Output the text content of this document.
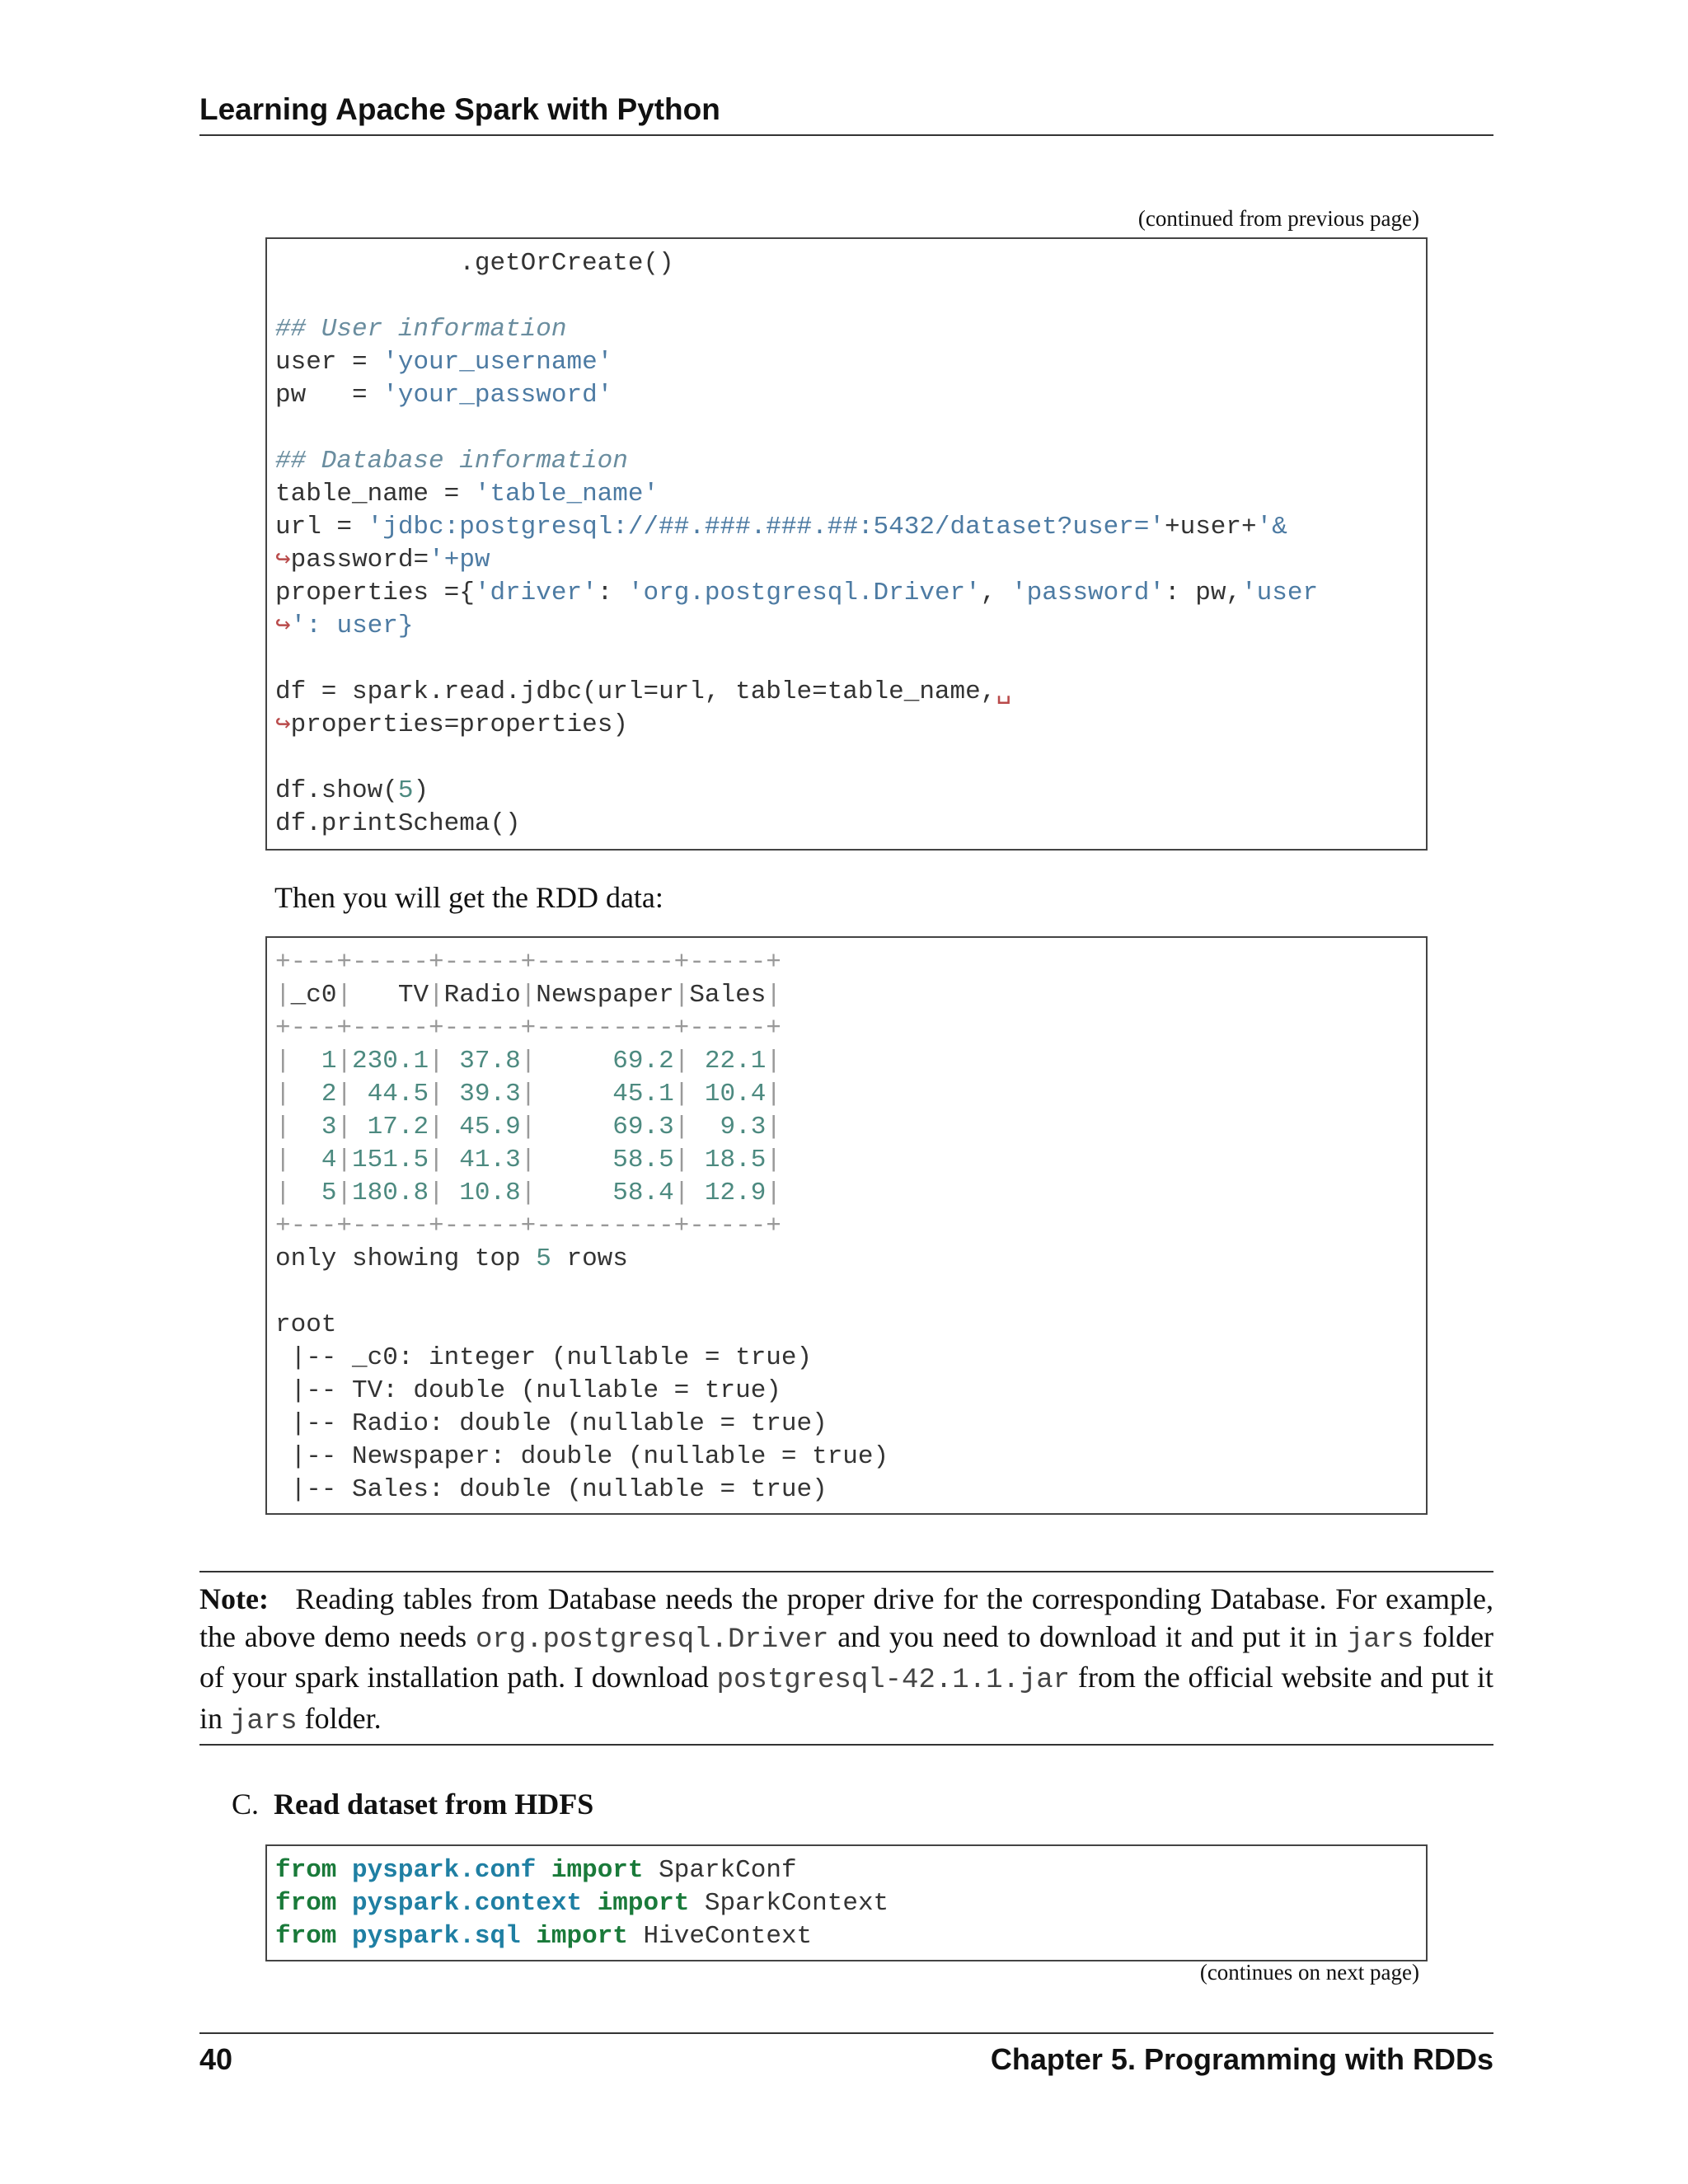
Learning Apache Spark with Python
(continued from previous page)
.getOrCreate()

## User information
user = 'your_username'
pw   = 'your_password'

## Database information
table_name = 'table_name'
url = 'jdbc:postgresql://##.###.###.##:5432/dataset?user='+user+'&
↪password='+pw
properties ={'driver': 'org.postgresql.Driver', 'password': pw,'user
↪': user}

df = spark.read.jdbc(url=url, table=table_name,␣
↪properties=properties)

df.show(5)
df.printSchema()
Then you will get the RDD data:
+---+-----+-----+---------+-----+
|_c0|   TV|Radio|Newspaper|Sales|
+---+-----+-----+---------+-----+
|  1|230.1| 37.8|     69.2| 22.1|
|  2| 44.5| 39.3|     45.1| 10.4|
|  3| 17.2| 45.9|     69.3|  9.3|
|  4|151.5| 41.3|     58.5| 18.5|
|  5|180.8| 10.8|     58.4| 12.9|
+---+-----+-----+---------+-----+
only showing top 5 rows

root
|-- _c0: integer (nullable = true)
|-- TV: double (nullable = true)
|-- Radio: double (nullable = true)
|-- Newspaper: double (nullable = true)
|-- Sales: double (nullable = true)
Note: Reading tables from Database needs the proper drive for the corresponding Database. For example, the above demo needs org.postgresql.Driver and you need to download it and put it in jars folder of your spark installation path. I download postgresql-42.1.1.jar from the official website and put it in jars folder.
C. Read dataset from HDFS
from pyspark.conf import SparkConf
from pyspark.context import SparkContext
from pyspark.sql import HiveContext
(continues on next page)
40	Chapter 5. Programming with RDDs
